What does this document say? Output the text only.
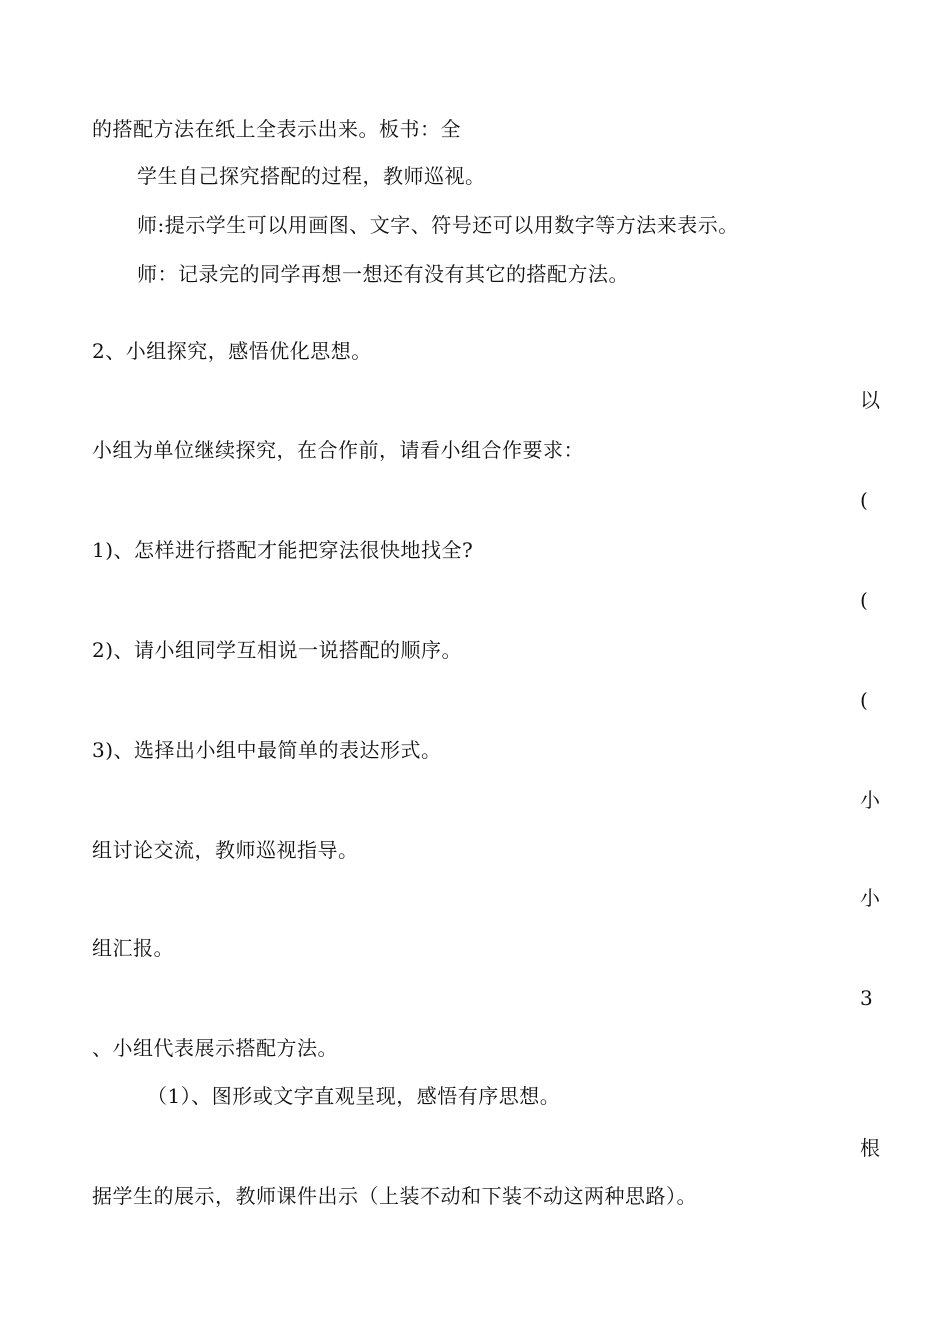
的搭配方法在纸上全表示出来。板书：全
学生自己探究搭配的过程，教师巡视。
师:提示学生可以用画图、文字、符号还可以用数字等方法来表示。
师：记录完的同学再想一想还有没有其它的搭配方法。
2、小组探究，感悟优化思想。
以
小组为单位继续探究，在合作前，请看小组合作要求：
(
1)、怎样进行搭配才能把穿法很快地找全?
(
2)、请小组同学互相说一说搭配的顺序。
(
3)、选择出小组中最简单的表达形式。
小
组讨论交流，教师巡视指导。
小
组汇报。
3
、小组代表展示搭配方法。
（1）、图形或文字直观呈现，感悟有序思想。
根
据学生的展示，教师课件出示（上装不动和下装不动这两种思路）。
